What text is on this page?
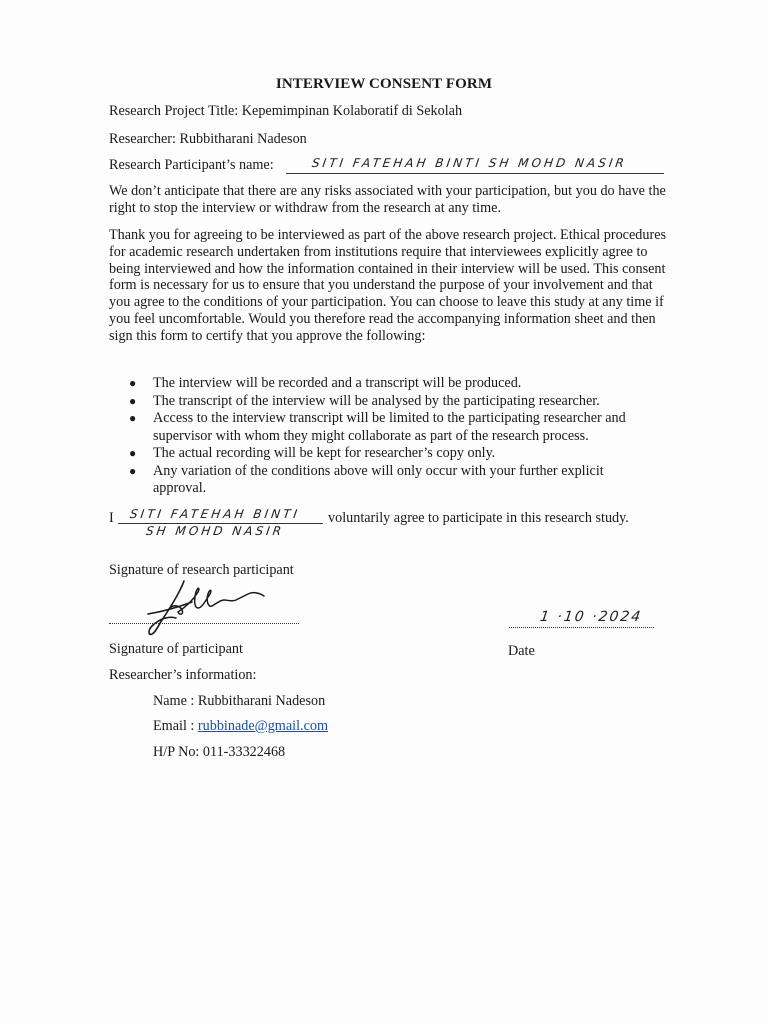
INTERVIEW CONSENT FORM
Research Project Title: Kepemimpinan Kolaboratif di Sekolah
Researcher: Rubbitharani Nadeson
Research Participant’s name:	SITI FATEHAH BINTI SH MOHD NASIR
We don’t anticipate that there are any risks associated with your participation, but you do have the right to stop the interview or withdraw from the research at any time.
Thank you for agreeing to be interviewed as part of the above research project. Ethical procedures for academic research undertaken from institutions require that interviewees explicitly agree to being interviewed and how the information contained in their interview will be used. This consent form is necessary for us to ensure that you understand the purpose of your involvement and that you agree to the conditions of your participation. You can choose to leave this study at any time if you feel uncomfortable. Would you therefore read the accompanying information sheet and then sign this form to certify that you approve the following:
● The interview will be recorded and a transcript will be produced.
● The transcript of the interview will be analysed by the participating researcher.
● Access to the interview transcript will be limited to the participating researcher and supervisor with whom they might collaborate as part of the research process.
● The actual recording will be kept for researcher’s copy only.
● Any variation of the conditions above will only occur with your further explicit approval.
I SITI FATEHAH BINTI
SH MOHD NASIR
voluntarily agree to participate in this research study.
Signature of research participant
1 ·10 ·2024
Signature of participant	Date
Researcher’s information:
Name : Rubbitharani Nadeson
Email : rubbinade@gmail.com
H/P No: 011-33322468
